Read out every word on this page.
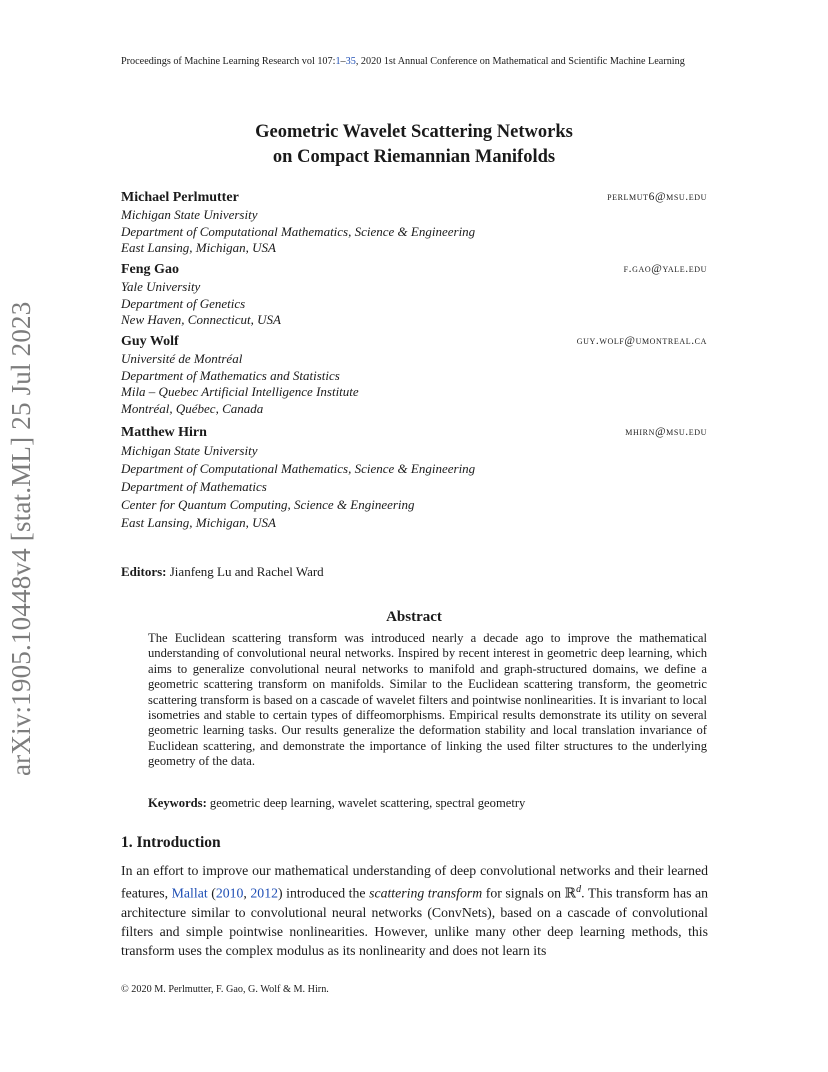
Proceedings of Machine Learning Research vol 107:1–35, 2020 1st Annual Conference on Mathematical and Scientific Machine Learning
arXiv:1905.10448v4 [stat.ML] 25 Jul 2023
Geometric Wavelet Scattering Networks
on Compact Riemannian Manifolds
Michael Perlmutter	perlmut6@msu.edu
Michigan State University
Department of Computational Mathematics, Science & Engineering
East Lansing, Michigan, USA
Feng Gao	f.gao@yale.edu
Yale University
Department of Genetics
New Haven, Connecticut, USA
Guy Wolf	guy.wolf@umontreal.ca
Université de Montréal
Department of Mathematics and Statistics
Mila – Quebec Artificial Intelligence Institute
Montréal, Québec, Canada
Matthew Hirn	mhirn@msu.edu
Michigan State University
Department of Computational Mathematics, Science & Engineering
Department of Mathematics
Center for Quantum Computing, Science & Engineering
East Lansing, Michigan, USA
Editors: Jianfeng Lu and Rachel Ward
Abstract
The Euclidean scattering transform was introduced nearly a decade ago to improve the mathematical understanding of convolutional neural networks. Inspired by recent interest in geometric deep learning, which aims to generalize convolutional neural networks to manifold and graph-structured domains, we define a geometric scattering transform on manifolds. Similar to the Euclidean scattering transform, the geometric scattering transform is based on a cascade of wavelet filters and pointwise nonlinearities. It is invariant to local isometries and stable to certain types of diffeomorphisms. Empirical results demonstrate its utility on several geometric learning tasks. Our results generalize the deformation stability and local translation invariance of Euclidean scattering, and demonstrate the importance of linking the used filter structures to the underlying geometry of the data.
Keywords: geometric deep learning, wavelet scattering, spectral geometry
1. Introduction
In an effort to improve our mathematical understanding of deep convolutional networks and their learned features, Mallat (2010, 2012) introduced the scattering transform for signals on ℝ$^d$. This transform has an architecture similar to convolutional neural networks (ConvNets), based on a cascade of convolutional filters and simple pointwise nonlinearities. However, unlike many other deep learning methods, this transform uses the complex modulus as its nonlinearity and does not learn its
© 2020 M. Perlmutter, F. Gao, G. Wolf & M. Hirn.
